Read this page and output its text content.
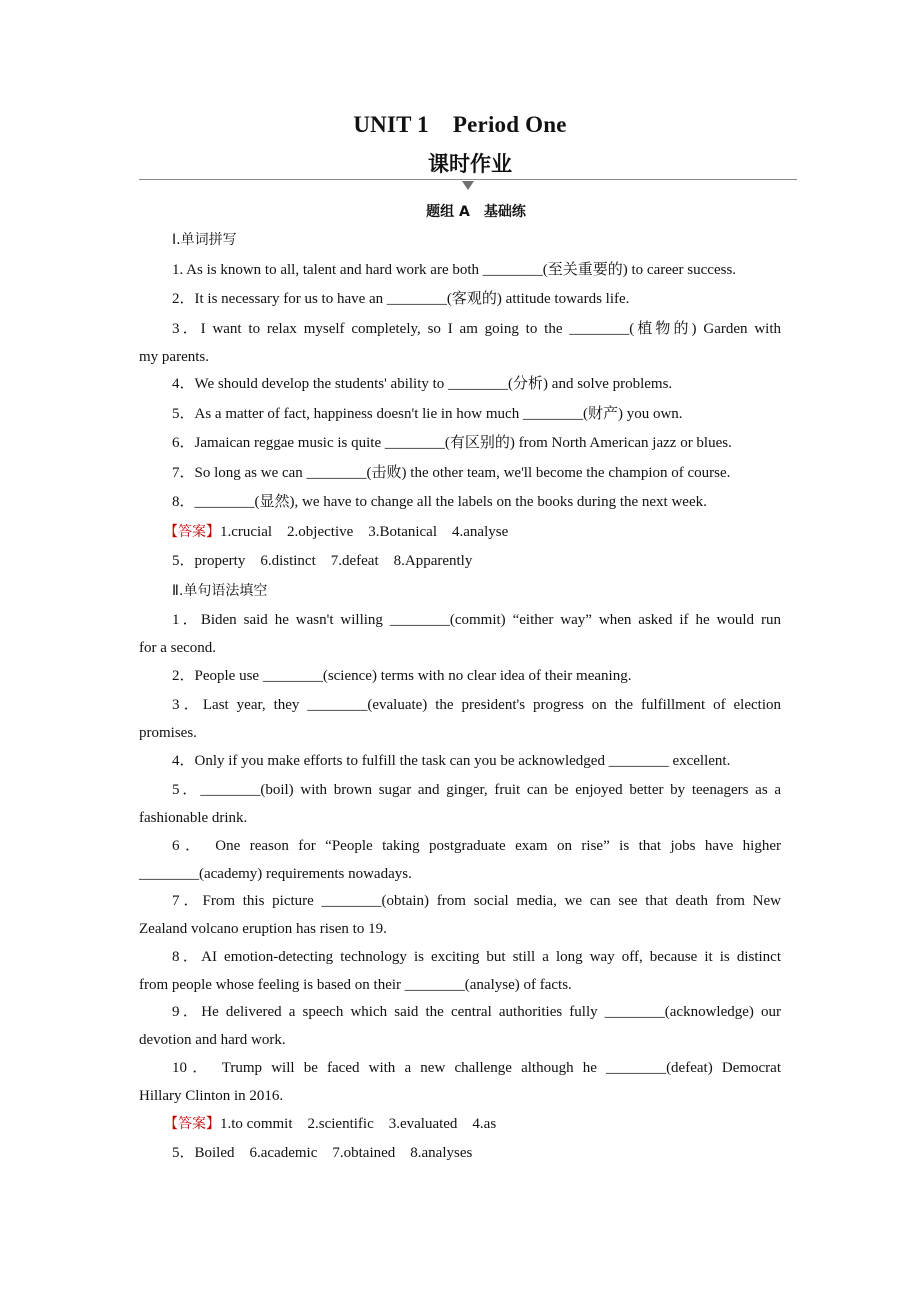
UNIT 1 Period One
课时作业
题组 A　基础练
Ⅰ.单词拼写
1. As is known to all, talent and hard work are both ________(至关重要的) to career success.
2．It is necessary for us to have an ________(客观的) attitude towards life.
3．I want to relax myself completely, so I am going to the ________(植物的) Garden with
my parents.
4．We should develop the students' ability to ________(分析) and solve problems.
5．As a matter of fact, happiness doesn't lie in how much ________(财产) you own.
6．Jamaican reggae music is quite ________(有区别的) from North American jazz or blues.
7．So long as we can ________(击败) the other team, we'll become the champion of course.
8．________(显然), we have to change all the labels on the books during the next week.
【答案】1.crucial　2.objective　3.Botanical　4.analyse
5．property　6.distinct　7.defeat　8.Apparently
Ⅱ.单句语法填空
1．Biden said he wasn't willing ________(commit) “either way” when asked if he would run
for a second.
2．People use ________(science) terms with no clear idea of their meaning.
3．Last year, they ________(evaluate) the president's progress on the fulfillment of election
promises.
4．Only if you make efforts to fulfill the task can you be acknowledged ________ excellent.
5．________(boil) with brown sugar and ginger, fruit can be enjoyed better by teenagers as a
fashionable drink.
6． One reason for “People taking postgraduate exam on rise” is that jobs have higher
________(academy) requirements nowadays.
7．From this picture ________(obtain) from social media, we can see that death from New
Zealand volcano eruption has risen to 19.
8．AI emotion-detecting technology is exciting but still a long way off, because it is distinct
from people whose feeling is based on their ________(analyse) of facts.
9．He delivered a speech which said the central authorities fully ________(acknowledge) our
devotion and hard work.
10． Trump will be faced with a new challenge although he ________(defeat) Democrat
Hillary Clinton in 2016.
【答案】1.to commit　2.scientific　3.evaluated　4.as
5．Boiled　6.academic　7.obtained　8.analyses
